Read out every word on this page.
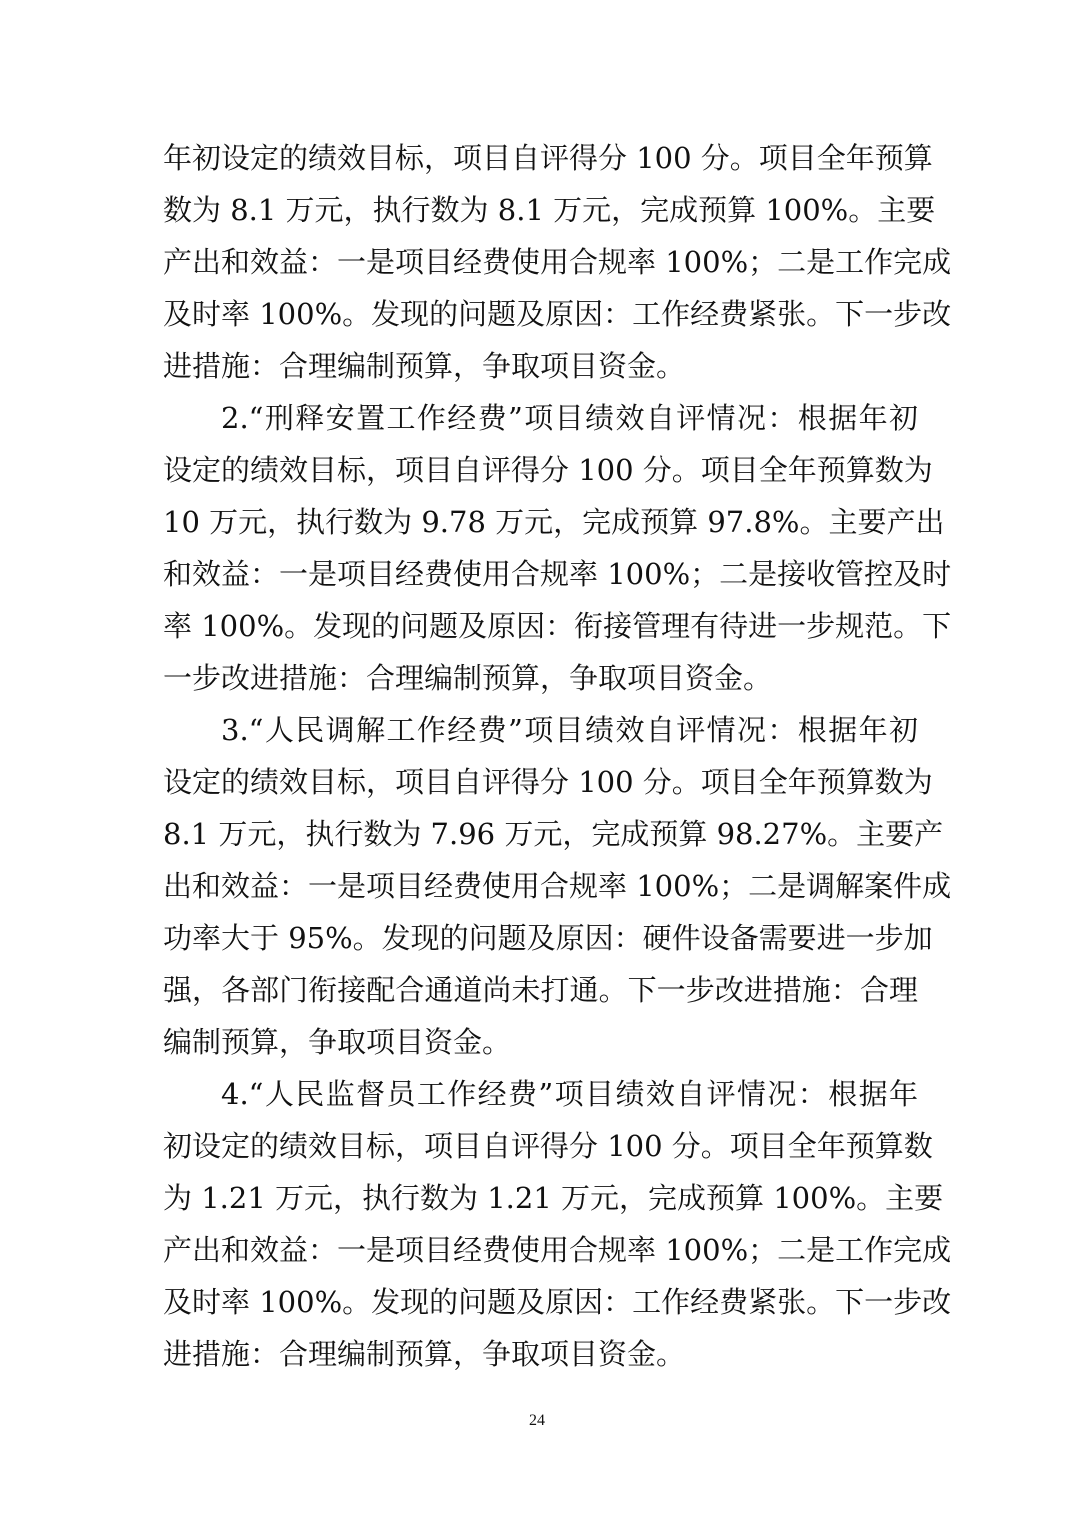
年初设定的绩效目标，项目自评得分 100 分。项目全年预算
数为 8.1 万元，执行数为 8.1 万元，完成预算 100%。主要
产出和效益：一是项目经费使用合规率 100%；二是工作完成
及时率 100%。发现的问题及原因：工作经费紧张。下一步改
进措施：合理编制预算，争取项目资金。
2.“刑释安置工作经费”项目绩效自评情况：根据年初
设定的绩效目标，项目自评得分 100 分。项目全年预算数为
10 万元，执行数为 9.78 万元，完成预算 97.8%。主要产出
和效益：一是项目经费使用合规率 100%；二是接收管控及时
率 100%。发现的问题及原因：衔接管理有待进一步规范。下
一步改进措施：合理编制预算，争取项目资金。
3.“人民调解工作经费”项目绩效自评情况：根据年初
设定的绩效目标，项目自评得分 100 分。项目全年预算数为
8.1 万元，执行数为 7.96 万元，完成预算 98.27%。主要产
出和效益：一是项目经费使用合规率 100%；二是调解案件成
功率大于 95%。发现的问题及原因：硬件设备需要进一步加
强，各部门衔接配合通道尚未打通。下一步改进措施：合理
编制预算，争取项目资金。
4.“人民监督员工作经费”项目绩效自评情况：根据年
初设定的绩效目标，项目自评得分 100 分。项目全年预算数
为 1.21 万元，执行数为 1.21 万元，完成预算 100%。主要
产出和效益：一是项目经费使用合规率 100%；二是工作完成
及时率 100%。发现的问题及原因：工作经费紧张。下一步改
进措施：合理编制预算，争取项目资金。
24
